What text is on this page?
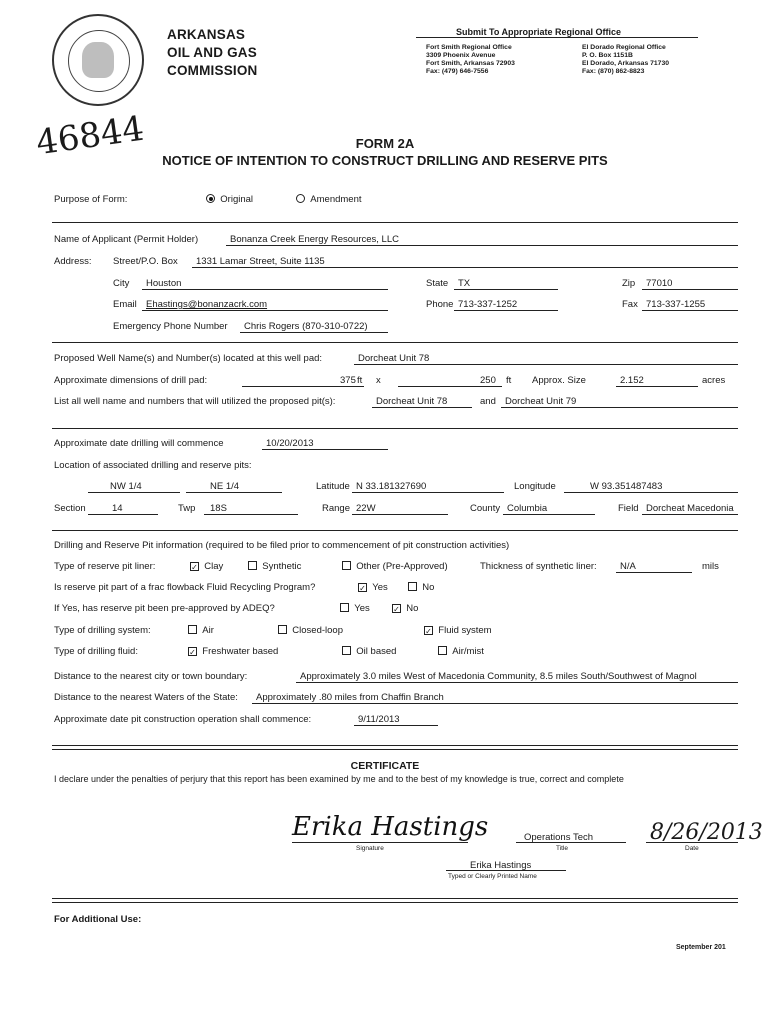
ARKANSAS
OIL AND GAS
COMMISSION
Submit To Appropriate Regional Office
Fort Smith Regional Office
3309 Phoenix Avenue
Fort Smith, Arkansas 72903
Fax: (479) 646-7556
El Dorado Regional Office
P. O. Box 1151B
El Dorado, Arkansas 71730
Fax: (870) 862-8823
46844	FORM 2A
NOTICE OF INTENTION TO CONSTRUCT DRILLING AND RESERVE PITS
Purpose of Form:	Original	Amendment
Name of Applicant (Permit Holder)	Bonanza Creek Energy Resources, LLC
Address: Street/P.O. Box 1331 Lamar Street, Suite 1135
City Houston	State TX	Zip 77010
Email Ehastings@bonanzacrk.com	Phone 713-337-1252	Fax 713-337-1255
Emergency Phone Number Chris Rogers (870-310-0722)
Proposed Well Name(s) and Number(s) located at this well pad:	Dorcheat Unit 78
Approximate dimensions of drill pad:	375 ft x	250 ft Approx. Size	2.152	acres
List all well name and numbers that will utilized the proposed pit(s):	Dorcheat Unit 78	and Dorcheat Unit 79
Approximate date drilling will commence	10/20/2013
Location of associated drilling and reserve pits:
NW 1/4	NE 1/4	Latitude N 33.181327690	Longitude	W 93.351487483
Section	14	Twp 18S	Range 22W	County Columbia	Field Dorcheat Macedonia
Drilling and Reserve Pit information (required to be filed prior to commencement of pit construction activities)
Type of reserve pit liner:	✓ Clay	Synthetic	Other (Pre-Approved)	Thickness of synthetic liner: N/A	mils
Is reserve pit part of a frac flowback Fluid Recycling Program?	✓ Yes	No
If Yes, has reserve pit been pre-approved by ADEQ?	Yes	✓ No
Type of drilling system:	Air	Closed-loop	✓ Fluid system
Type of drilling fluid:	✓ Freshwater based	Oil based	Air/mist
Distance to the nearest city or town boundary:	Approximately 3.0 miles West of Macedonia Community, 8.5 miles South/Southwest of Magnol
Distance to the nearest Waters of the State: Approximately .80 miles from Chaffin Branch
Approximate date pit construction operation shall commence:	9/11/2013
CERTIFICATE
I declare under the penalties of perjury that this report has been examined by me and to the best of my knowledge is true, correct and complete
Erika Hastings
Signature
Operations Tech
Title
8/26/2013
Date
Erika Hastings
Typed or Clearly Printed Name
For Additional Use:
September 201
